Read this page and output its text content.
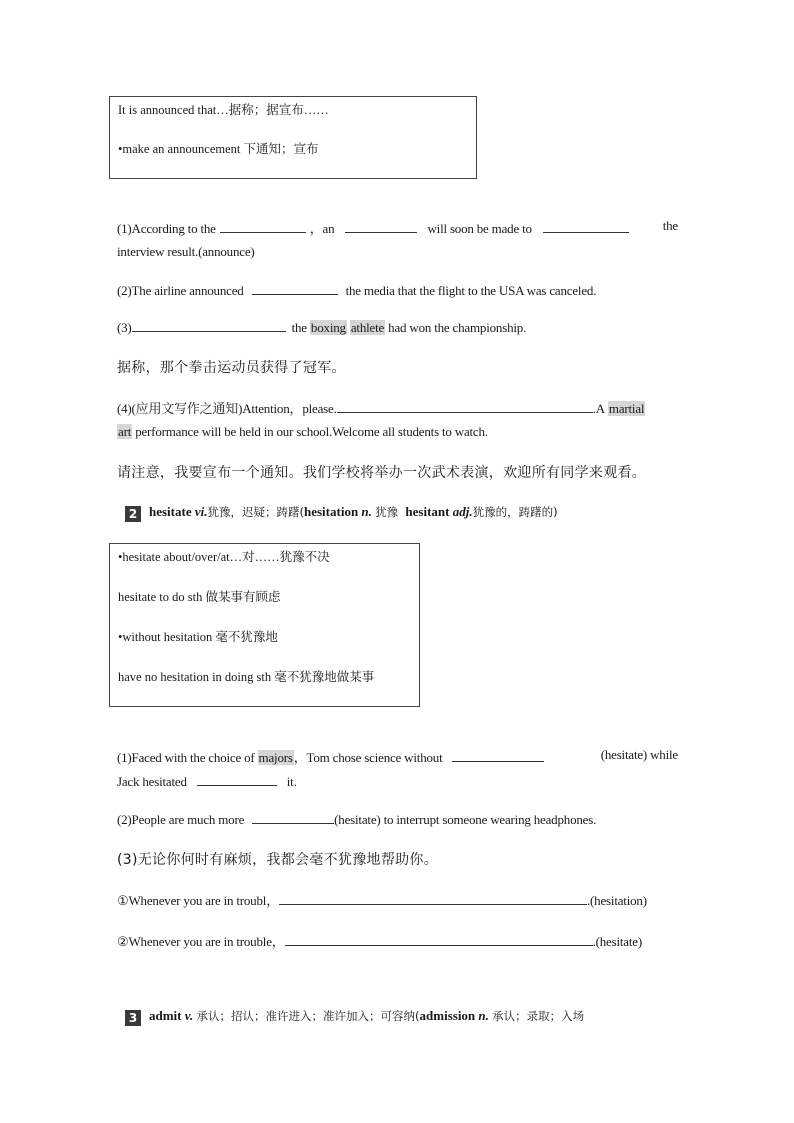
It is announced that…据称；据宣布……
•make an announcement 下通知；宣布
(1)According to the	，an	will soon be made to	the
interview result.(announce)
(2)The airline announced	the media that the flight to the USA was canceled.
(3)	the boxing athlete had won the championship.
据称，那个拳击运动员获得了冠军。
(4)(应用文写作之通知)Attention，please.	.A martial
art performance will be held in our school.Welcome all students to watch.
请注意，我要宣布一个通知。我们学校将举办一次武术表演，欢迎所有同学来观看。
2 hesitate vi.犹豫，迟疑；踌躇(hesitation n. 犹豫 hesitant adj.犹豫的，踌躇的)
•hesitate about/over/at…对……犹豫不决
hesitate to do sth 做某事有顾虑
•without hesitation 毫不犹豫地
have no hesitation in doing sth 毫不犹豫地做某事
(1)Faced with the choice of majors，Tom chose science without	(hesitate) while
Jack hesitated	it.
(2)People are much more	(hesitate) to interrupt someone wearing headphones.
(3)无论你何时有麻烦，我都会毫不犹豫地帮助你。
①Whenever you are in troubl，	.(hesitation)
②Whenever you are in trouble，	.(hesitate)
3 admit v. 承认；招认；准许进入；准许加入；可容纳(admission n. 承认；录取；入场
